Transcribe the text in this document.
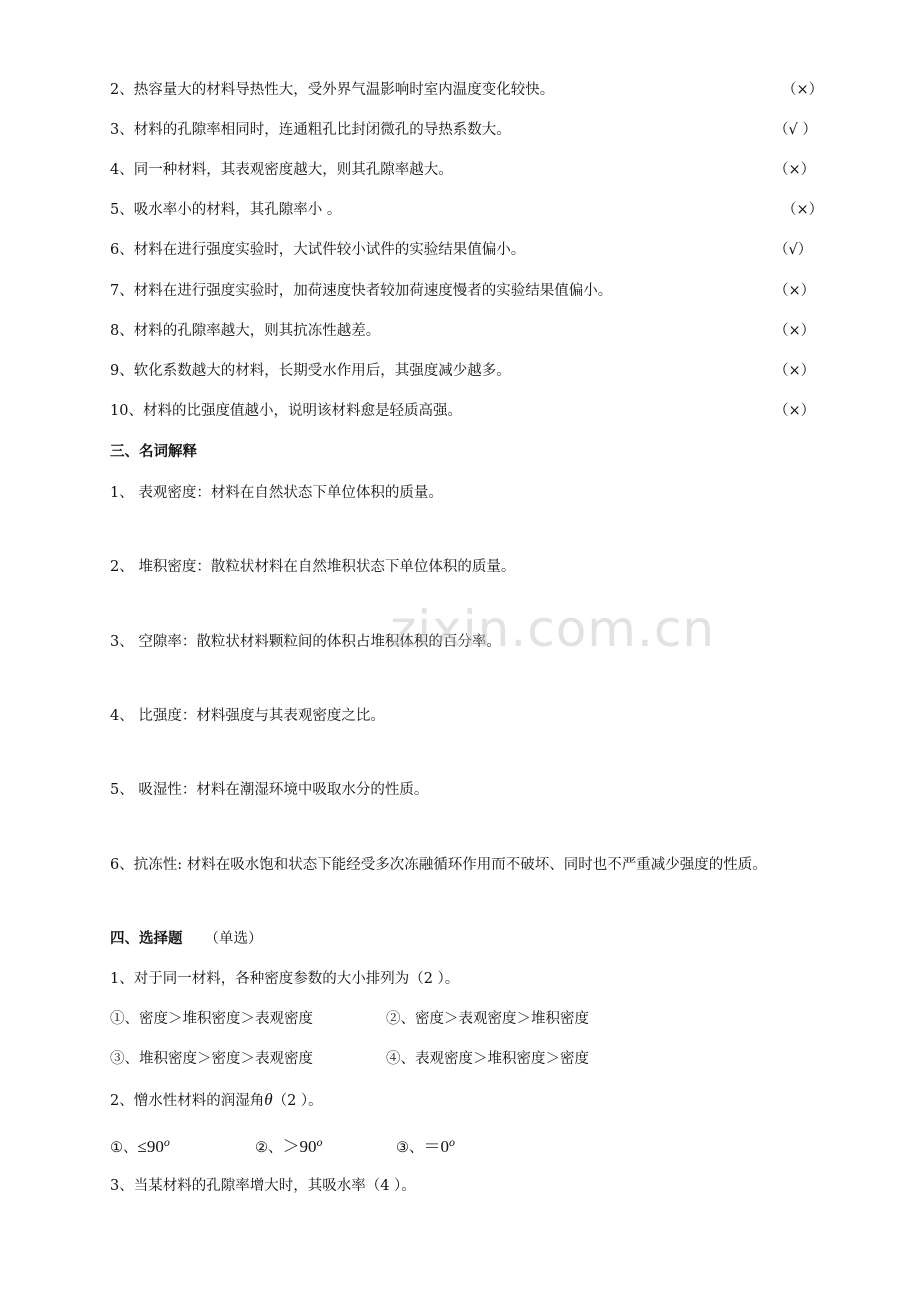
2、热容量大的材料导热性大，受外界气温影响时室内温度变化较快。	（×）
3、材料的孔隙率相同时，连通粗孔比封闭微孔的导热系数大。	（√ ）
4、同一种材料，其表观密度越大，则其孔隙率越大。	（×）
5、吸水率小的材料，其孔隙率小 。	（×）
6、材料在进行强度实验时，大试件较小试件的实验结果值偏小。	（√）
7、材料在进行强度实验时，加荷速度快者较加荷速度慢者的实验结果值偏小。	（×）
8、材料的孔隙率越大，则其抗冻性越差。	（×）
9、软化系数越大的材料，长期受水作用后，其强度减少越多。	（×）
10、材料的比强度值越小，说明该材料愈是轻质高强。	（×）
三、名词解释
1、 表观密度：材料在自然状态下单位体积的质量。
2、 堆积密度：散粒状材料在自然堆积状态下单位体积的质量。
3、 空隙率：散粒状材料颗粒间的体积占堆积体积的百分率。
4、 比强度：材料强度与其表观密度之比。
5、 吸湿性：材料在潮湿环境中吸取水分的性质。
6、抗冻性: 材料在吸水饱和状态下能经受多次冻融循环作用而不破坏、同时也不严重减少强度的性质。
四、选择题 （单选）
1、对于同一材料，各种密度参数的大小排列为（2 ）。
①、密度＞堆积密度＞表观密度	②、密度＞表观密度＞堆积密度
③、堆积密度＞密度＞表观密度	④、表观密度＞堆积密度＞密度
2、憎水性材料的润湿角θ（2 ）。
①、$\le 90^o$	②、$>90^o$	③、$=0^o$
3、当某材料的孔隙率增大时，其吸水率（4 ）。
zixin.com.cn
